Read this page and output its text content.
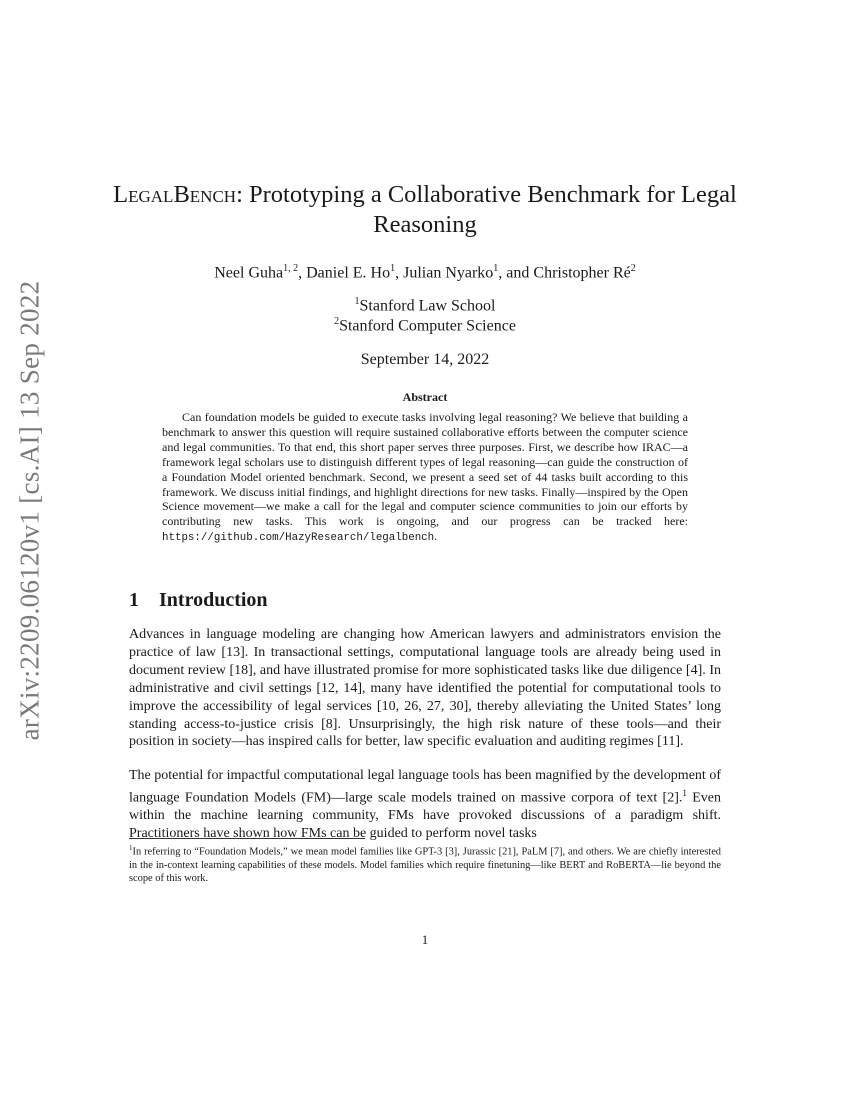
arXiv:2209.06120v1 [cs.AI] 13 Sep 2022
LegalBench: Prototyping a Collaborative Benchmark for Legal Reasoning
Neel Guha$^{1, 2}$, Daniel E. Ho$^1$, Julian Nyarko$^1$, and Christopher $Ré^2$
$^1$Stanford Law School
$^2$Stanford Computer Science
September 14, 2022
Abstract
Can foundation models be guided to execute tasks involving legal reasoning? We believe that building a benchmark to answer this question will require sustained collaborative efforts between the computer science and legal communities. To that end, this short paper serves three purposes. First, we describe how IRAC—a framework legal scholars use to distinguish different types of legal reasoning—can guide the construction of a Foundation Model oriented benchmark. Second, we present a seed set of 44 tasks built according to this framework. We discuss initial findings, and highlight directions for new tasks. Finally—inspired by the Open Science movement—we make a call for the legal and computer science communities to join our efforts by contributing new tasks. This work is ongoing, and our progress can be tracked here: https://github.com/HazyResearch/legalbench.
1 Introduction
Advances in language modeling are changing how American lawyers and administrators envision the practice of law [13]. In transactional settings, computational language tools are already being used in document review [18], and have illustrated promise for more sophisticated tasks like due diligence [4]. In administrative and civil settings [12, 14], many have identified the potential for computational tools to improve the accessibility of legal services [10, 26, 27, 30], thereby alleviating the United States’ long standing access-to-justice crisis [8]. Unsurprisingly, the high risk nature of these tools—and their position in society—has inspired calls for better, law specific evaluation and auditing regimes [11].
The potential for impactful computational legal language tools has been magnified by the development of language Foundation Models (FM)—large scale models trained on massive corpora of text [2].$^1$ Even within the machine learning community, FMs have provoked discussions of a paradigm shift. Practitioners have shown how FMs can be guided to perform novel tasks
$^1$In referring to “Foundation Models,” we mean model families like GPT-3 [3], Jurassic [21], PaLM [7], and others. We are chiefly interested in the in-context learning capabilities of these models. Model families which require finetuning—like BERT and RoBERTA—lie beyond the scope of this work.
1
